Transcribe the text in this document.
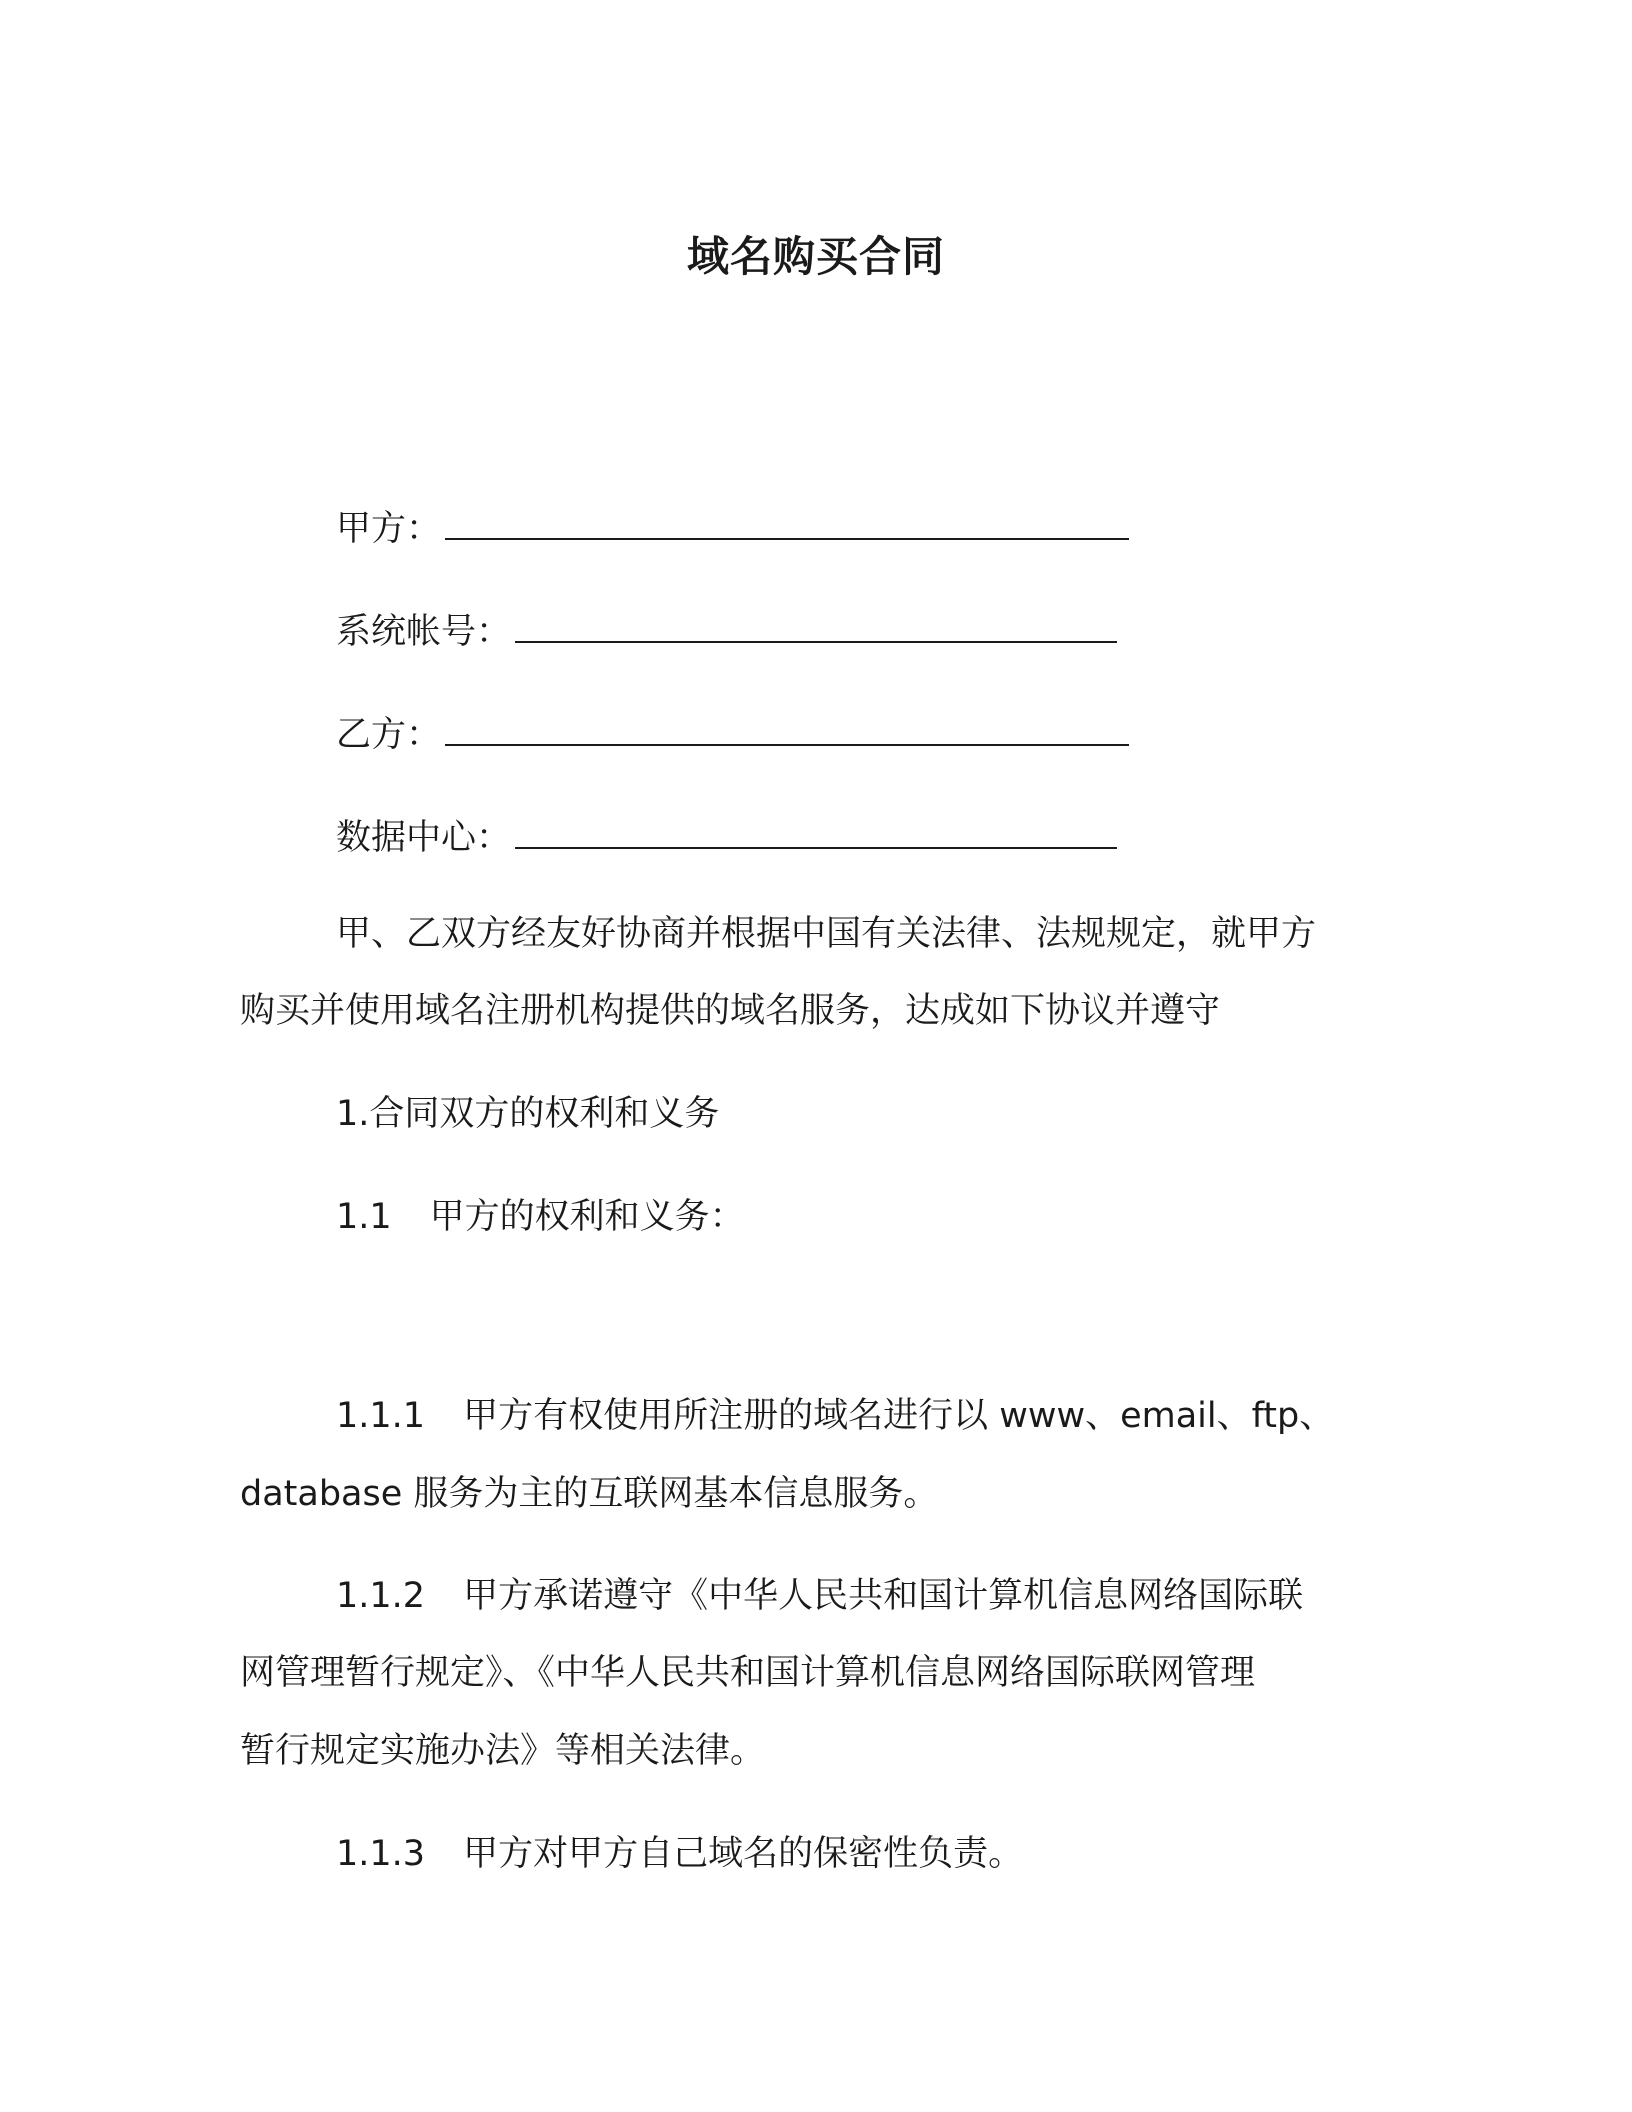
域名购买合同
甲方：
系统帐号：
乙方：
数据中心：
甲、乙双方经友好协商并根据中国有关法律、法规规定，就甲方
购买并使用域名注册机构提供的域名服务，达成如下协议并遵守
1.合同双方的权利和义务
1.1 甲方的权利和义务：
1.1.1 甲方有权使用所注册的域名进行以 www、email、ftp、
database 服务为主的互联网基本信息服务。
1.1.2 甲方承诺遵守《中华人民共和国计算机信息网络国际联
网管理暂行规定》、《中华人民共和国计算机信息网络国际联网管理
暂行规定实施办法》等相关法律。
1.1.3 甲方对甲方自己域名的保密性负责。
